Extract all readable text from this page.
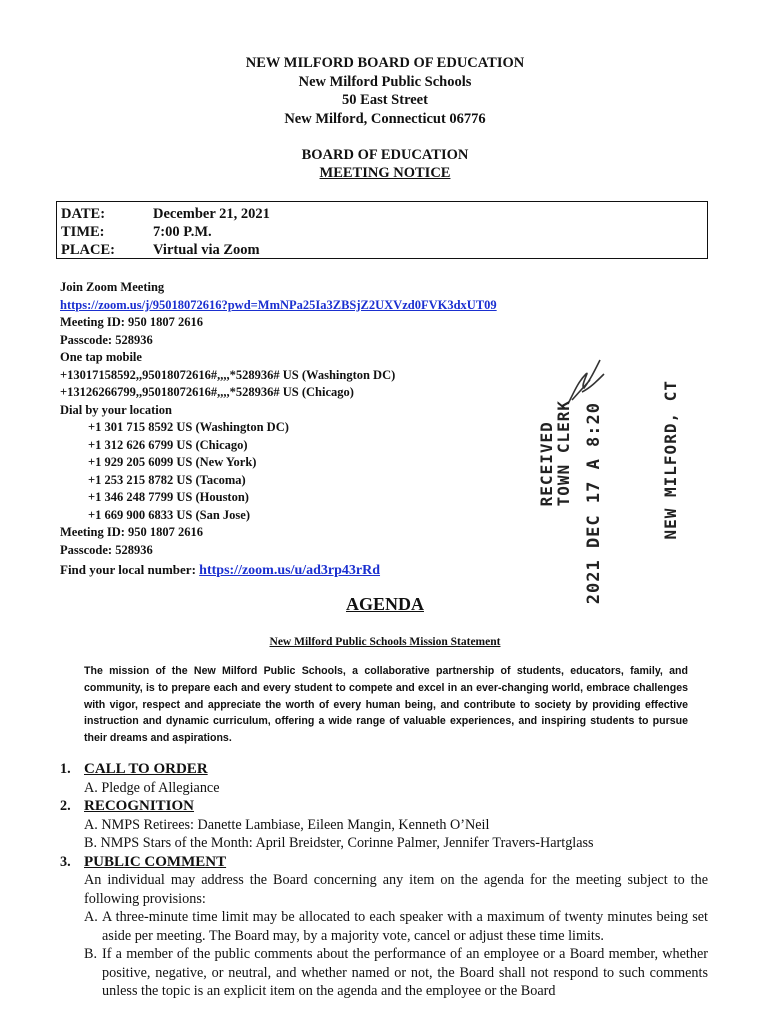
NEW MILFORD BOARD OF EDUCATION
New Milford Public Schools
50 East Street
New Milford, Connecticut 06776
BOARD OF EDUCATION
MEETING NOTICE
DATE:	December 21, 2021
TIME:	7:00 P.M.
PLACE:	Virtual via Zoom
Join Zoom Meeting
https://zoom.us/j/95018072616?pwd=MmNPa25Ia3ZBSjZ2UXVzd0FVK3dxUT09
Meeting ID: 950 1807 2616
Passcode: 528936
One tap mobile
+13017158592,,95018072616#,,,,*528936# US (Washington DC)
+13126266799,,95018072616#,,,,*528936# US (Chicago)
Dial by your location
+1 301 715 8592 US (Washington DC)
+1 312 626 6799 US (Chicago)
+1 929 205 6099 US (New York)
+1 253 215 8782 US (Tacoma)
+1 346 248 7799 US (Houston)
+1 669 900 6833 US (San Jose)
Meeting ID: 950 1807 2616
Passcode: 528936
Find your local number: https://zoom.us/u/ad3rp43rRd
RECEIVED
TOWN CLERK 2021 DEC 17 A 8:20	NEW MILFORD, CT
AGENDA
New Milford Public Schools Mission Statement
The mission of the New Milford Public Schools, a collaborative partnership of students, educators, family, and community, is to prepare each and every student to compete and excel in an ever-changing world, embrace challenges with vigor, respect and appreciate the worth of every human being, and contribute to society by providing effective instruction and dynamic curriculum, offering a wide range of valuable experiences, and inspiring students to pursue their dreams and aspirations.
1. CALL TO ORDER
A. Pledge of Allegiance
2. RECOGNITION
A. NMPS Retirees: Danette Lambiase, Eileen Mangin, Kenneth O’Neil
B. NMPS Stars of the Month: April Breidster, Corinne Palmer, Jennifer Travers-Hartglass
3. PUBLIC COMMENT
An individual may address the Board concerning any item on the agenda for the meeting subject to the following provisions:
A. A three-minute time limit may be allocated to each speaker with a maximum of twenty minutes being set aside per meeting. The Board may, by a majority vote, cancel or adjust these time limits.
B. If a member of the public comments about the performance of an employee or a Board member, whether positive, negative, or neutral, and whether named or not, the Board shall not respond to such comments unless the topic is an explicit item on the agenda and the employee or the Board
